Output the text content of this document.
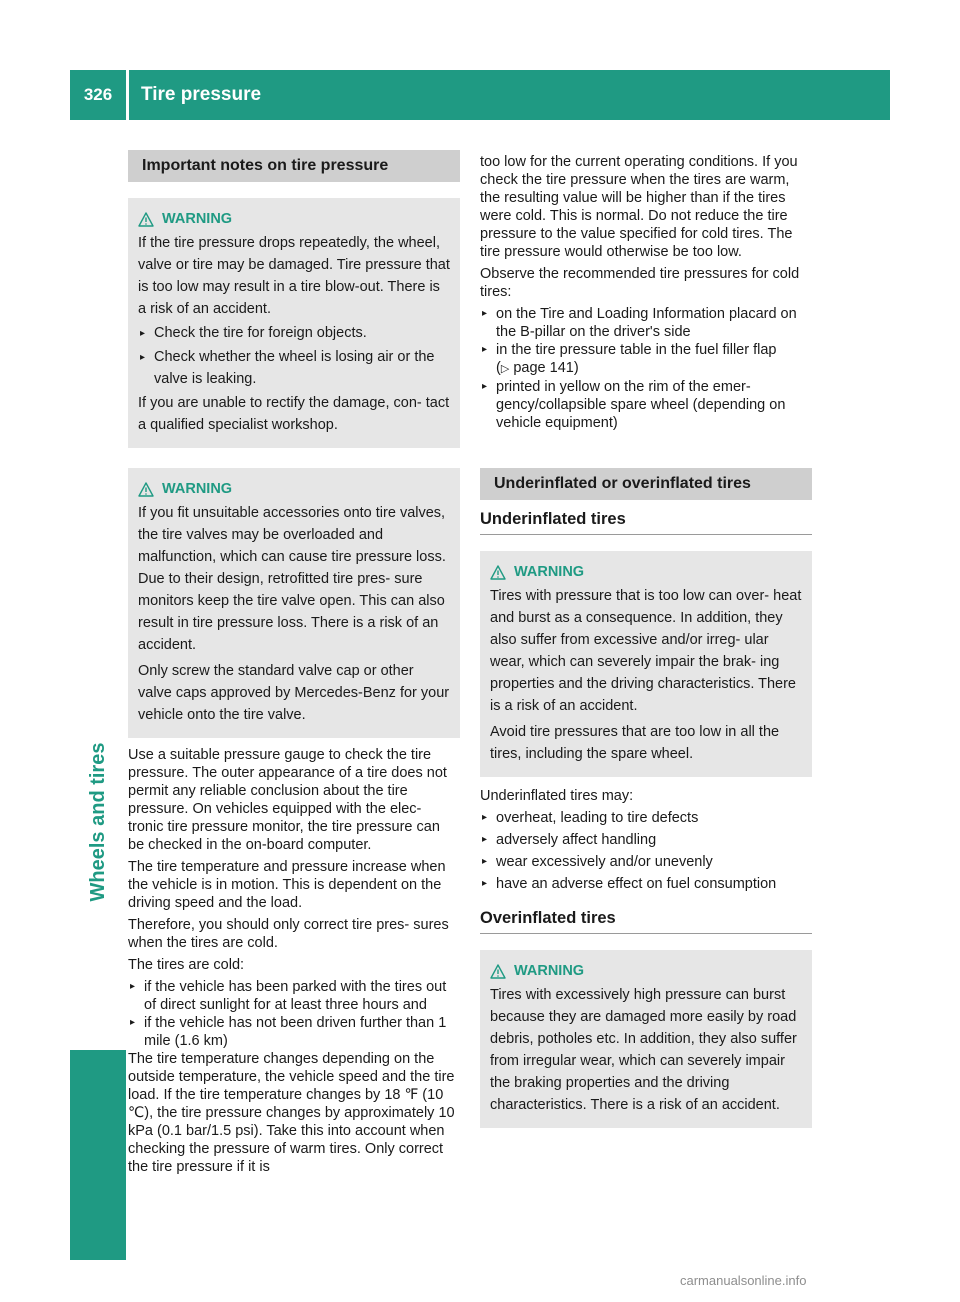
326	Tire pressure
Wheels and tires
Important notes on tire pressure
WARNING
If the tire pressure drops repeatedly, the wheel, valve or tire may be damaged. Tire pressure that is too low may result in a tire blow-out. There is a risk of an accident.
▸ Check the tire for foreign objects.
▸ Check whether the wheel is losing air or the valve is leaking.
If you are unable to rectify the damage, con- tact a qualified specialist workshop.
WARNING
If you fit unsuitable accessories onto tire valves, the tire valves may be overloaded and malfunction, which can cause tire pressure loss. Due to their design, retrofitted tire pres- sure monitors keep the tire valve open. This can also result in tire pressure loss. There is a risk of an accident.
Only screw the standard valve cap or other valve caps approved by Mercedes-Benz for your vehicle onto the tire valve.
Use a suitable pressure gauge to check the tire pressure. The outer appearance of a tire does not permit any reliable conclusion about the tire pressure. On vehicles equipped with the elec- tronic tire pressure monitor, the tire pressure can be checked in the on-board computer.
The tire temperature and pressure increase when the vehicle is in motion. This is dependent on the driving speed and the load.
Therefore, you should only correct tire pres- sures when the tires are cold.
The tires are cold:
▸ if the vehicle has been parked with the tires out of direct sunlight for at least three hours and
▸ if the vehicle has not been driven further than 1 mile (1.6 km)
The tire temperature changes depending on the outside temperature, the vehicle speed and the tire load. If the tire temperature changes by 18 ℉ (10 ℃), the tire pressure changes by approximately 10 kPa (0.1 bar/1.5 psi). Take this into account when checking the pressure of warm tires. Only correct the tire pressure if it is
too low for the current operating conditions. If you check the tire pressure when the tires are warm, the resulting value will be higher than if the tires were cold. This is normal. Do not reduce the tire pressure to the value specified for cold tires. The tire pressure would otherwise be too low.
Observe the recommended tire pressures for cold tires:
▸ on the Tire and Loading Information placard on the B-pillar on the driver's side
▸ in the tire pressure table in the fuel filler flap
(▷ page 141)
▸ printed in yellow on the rim of the emer- gency/collapsible spare wheel (depending on vehicle equipment)
Underinflated or overinflated tires
Underinflated tires
WARNING
Tires with pressure that is too low can over- heat and burst as a consequence. In addition, they also suffer from excessive and/or irreg- ular wear, which can severely impair the brak- ing properties and the driving characteristics. There is a risk of an accident.
Avoid tire pressures that are too low in all the tires, including the spare wheel.
Underinflated tires may:
▸ overheat, leading to tire defects
▸ adversely affect handling
▸ wear excessively and/or unevenly
▸ have an adverse effect on fuel consumption
Overinflated tires
WARNING
Tires with excessively high pressure can burst because they are damaged more easily by road debris, potholes etc. In addition, they also suffer from irregular wear, which can severely impair the braking properties and the driving characteristics. There is a risk of an accident.
carmanualsonline.info
